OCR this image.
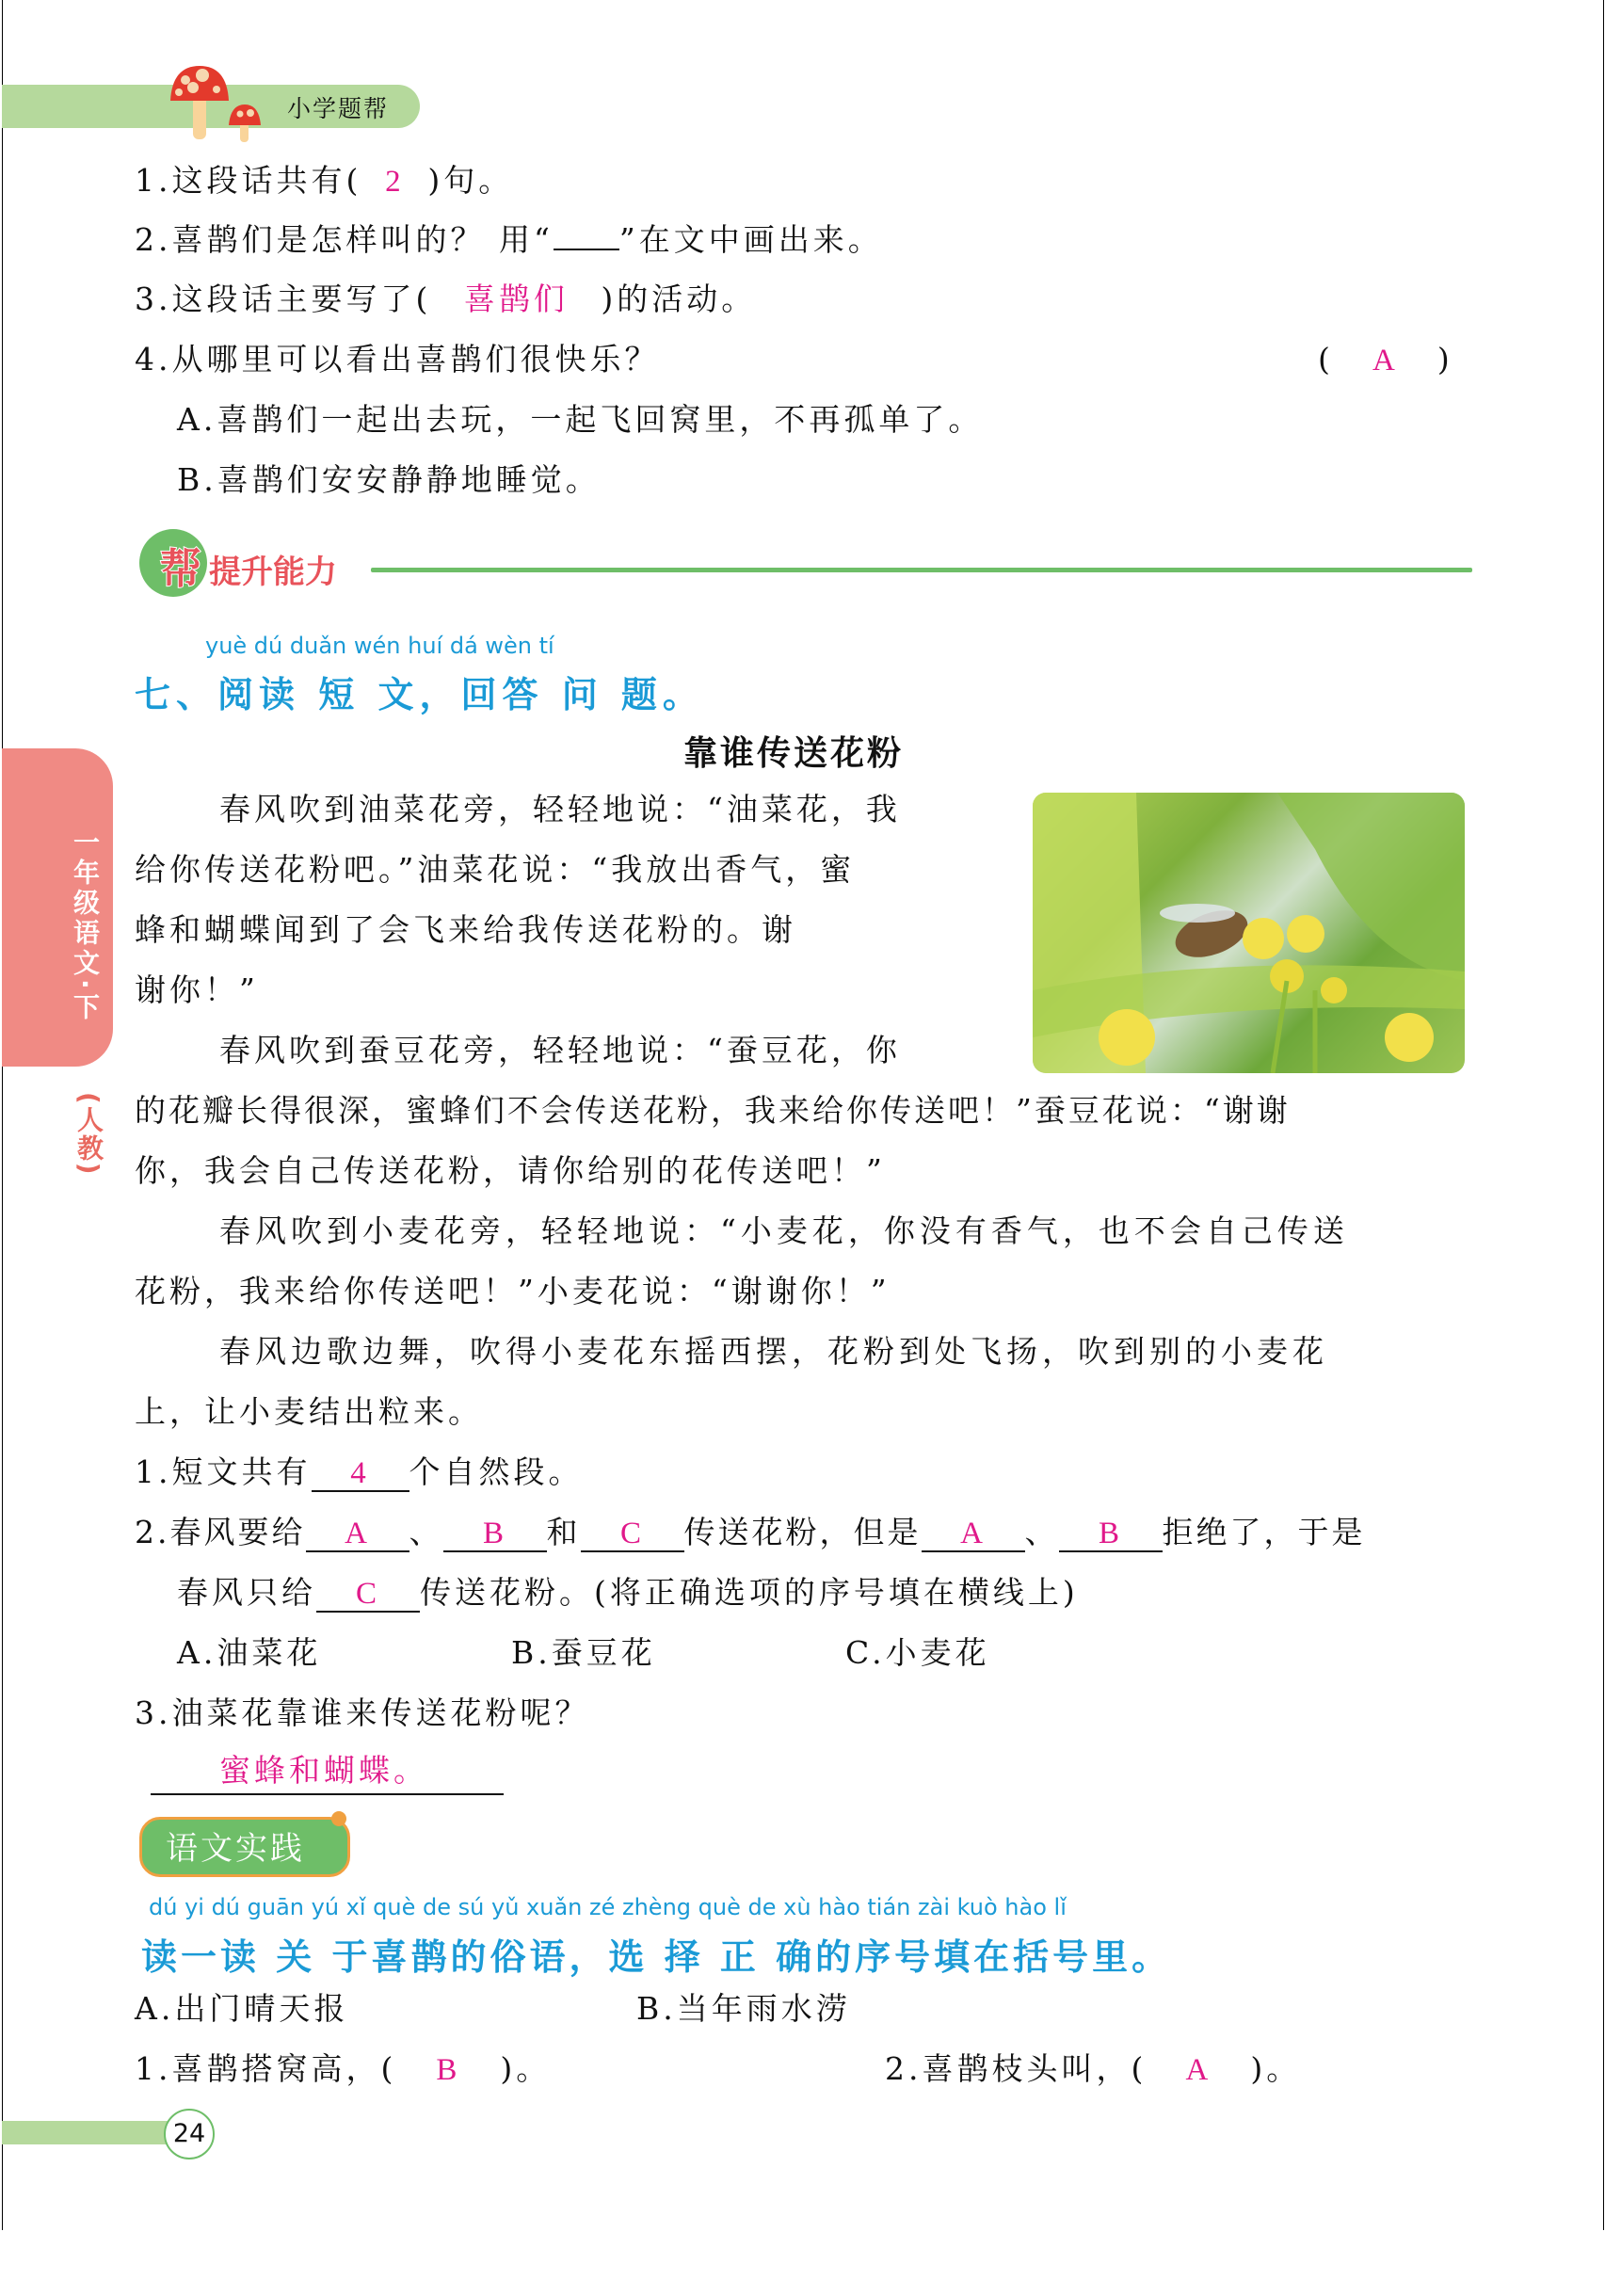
小学题帮
1.这段话共有( 2 )句。
2.喜鹊们是怎样叫的？ 用“ ”在文中画出来。
3.这段话主要写了( 喜鹊们 )的活动。
4.从哪里可以看出喜鹊们很快乐？	( A )
A.喜鹊们一起出去玩，一起飞回窝里，不再孤单了。
B.喜鹊们安安静静地睡觉。
帮 提升能力
yuè dú duǎn wén huí dá wèn tí
七、阅读 短 文，回答 问 题。
靠谁传送花粉
春风吹到油菜花旁，轻轻地说：“油菜花，我
给你传送花粉吧。”油菜花说：“我放出香气，蜜
蜂和蝴蝶闻到了会飞来给我传送花粉的。谢
谢你！”
春风吹到蚕豆花旁，轻轻地说：“蚕豆花，你
的花瓣长得很深，蜜蜂们不会传送花粉，我来给你传送吧！”蚕豆花说：“谢谢
你，我会自己传送花粉，请你给别的花传送吧！”
春风吹到小麦花旁，轻轻地说：“小麦花，你没有香气，也不会自己传送
花粉，我来给你传送吧！”小麦花说：“谢谢你！”
春风边歌边舞，吹得小麦花东摇西摆，花粉到处飞扬，吹到别的小麦花
上，让小麦结出粒来。
1.短文共有 4 个自然段。
2.春风要给 A 、 B 和 C 传送花粉，但是 A 、 B 拒绝了，于是
春风只给 C 传送花粉。(将正确选项的序号填在横线上)
A.油菜花	B.蚕豆花	C.小麦花
3.油菜花靠谁来传送花粉呢？
蜜蜂和蝴蝶。
语文实践
dú yi dú guān yú xǐ què de sú yǔ xuǎn zé zhèng què de xù hào tián zài kuò hào lǐ
读一读 关 于喜鹊的俗语，选 择 正 确的序号填在括号里。
A.出门晴天报	B.当年雨水涝
1.喜鹊搭窝高，( B )。	2.喜鹊枝头叫，( A )。
一年级语文·下
(人教)
24
